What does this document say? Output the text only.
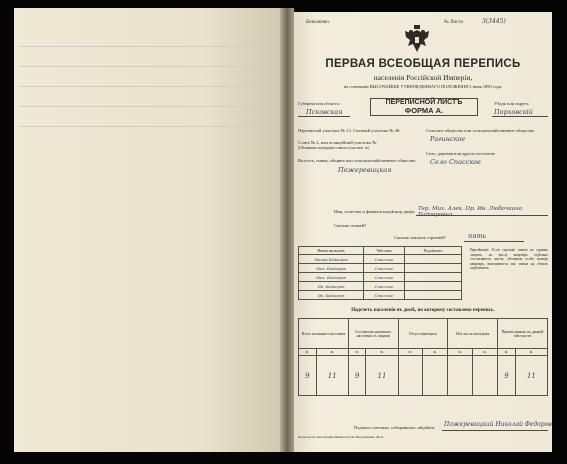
Безплатно.	№ Листа	3(3445)
ПЕРВАЯ ВСЕОБЩАЯ ПЕРЕПИСЬ
населенія Россійской Имперіи,
на основаніи ВЫСОЧАЙШЕ УТВЕРЖДЕННАГО ПОЛОЖЕНІЯ 5 іюня 1895 года.
Губернія или область:
Псковская
ПЕРЕПИСНОЙ ЛИСТЪ
ФОРМА А.
Уѣздъ или округъ:
Порховскій
Переписной участокъ № 13. Счетный участокъ № 48.
Станъ № 2, или полицейскій участокъ №
(Обозначить нумерацію станов и участков. №)
Волость, гмина, община или сельскохозяйственное общество
Пожеревицкая
Сельское общество или сельскохозяйственное общество
Рагинское
Село, деревня или другое поселеніе
Село Спасское
Имя, отчество и фамилія владѣльца двора Тер. Мих. Алек. Пр. Ив. Любочкина Бадаеровых
Сколько этажей?
Сколько жилыхъ строеній?	пять
Имена жильцовъ	Чей сынъ	Подлѣжитъ
Макар Бадаеров	Спасское	
Мих. Бадаеров	Спасское	
Мих. Бадаеров	Спасское	
Ив. Бадаеров	Спасское	
Ив. Бадаеров	Спасское	
Примѣчаніе. Если строеніе занято не однимъ лицомъ, по числу квартиръ отдѣльно составляются листы; обозначая особо номера квартиръ, вписываются ихъ имена на обоихъ отдѣленіяхъ.
Подсчетъ населенія въ домѣ, по которому составлена перепись.
Всего наличнаго населенія		Составлено наличнаго населенія съ лицами		Отсутствующихъ		Изъ числа жильцовъ		Приписанныхъ къ данной мѣстности	
м.	ж.	м.	ж.	м.	ж.	м.	ж.	м.	ж.
9	11	9	11					9	11
Печатано въ Типографіи Министерства Внутреннихъ Дѣлъ
Подпись счетчика, собиравшаго свѣдѣнія: Пожеревицкий Николай Федоров
